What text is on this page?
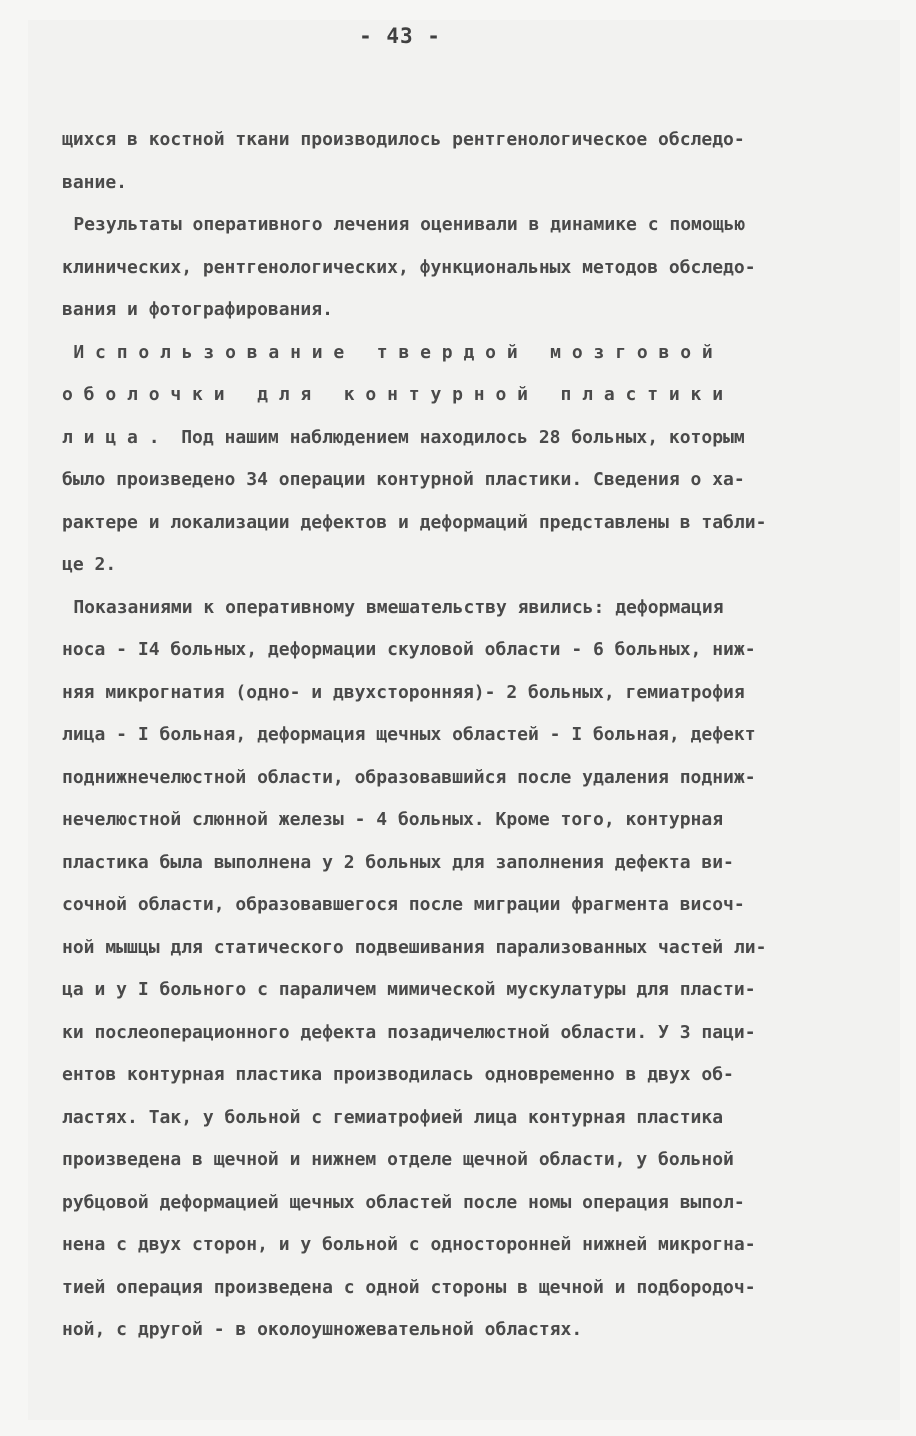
- 43 -

щихся в костной ткани производилось рентгенологическое обследо-

вание.

Результаты оперативного лечения оценивали в динамике с помощью

клинических, рентгенологических, функциональных методов обследо-

вания и фотографирования.

И с п о л ь з о в а н и е   т в е р д о й   м о з г о в о й

о б о л о ч к и   д л я   к о н т у р н о й   п л а с т и к и

л и ц а .  Под нашим наблюдением находилось 28 больных, которым

было произведено 34 операции контурной пластики. Сведения о ха-

рактере и локализации дефектов и деформаций представлены в табли-

це 2.

Показаниями к оперативному вмешательству явились: деформация

носа - I4 больных, деформации скуловой области - 6 больных, ниж-

няя микрогнатия (одно- и двухсторонняя)- 2 больных, гемиатрофия

лица - I больная, деформация щечных областей - I больная, дефект

поднижнечелюстной области, образовавшийся после удаления подниж-

нечелюстной слюнной железы - 4 больных. Кроме того, контурная

пластика была выполнена у 2 больных для заполнения дефекта ви-

сочной области, образовавшегося после миграции фрагмента височ-

ной мышцы для статического подвешивания парализованных частей ли-

ца и у I больного с параличем мимической мускулатуры для пласти-

ки послеоперационного дефекта позадичелюстной области. У 3 паци-

ентов контурная пластика производилась одновременно в двух об-

ластях. Так, у больной с гемиатрофией лица контурная пластика

произведена в щечной и нижнем отделе щечной области, у больной

рубцовой деформацией щечных областей после номы операция выпол-

нена с двух сторон, и у больной с односторонней нижней микрогна-

тией операция произведена с одной стороны в щечной и подбородоч-

ной, с другой - в околоушножевательной областях.
